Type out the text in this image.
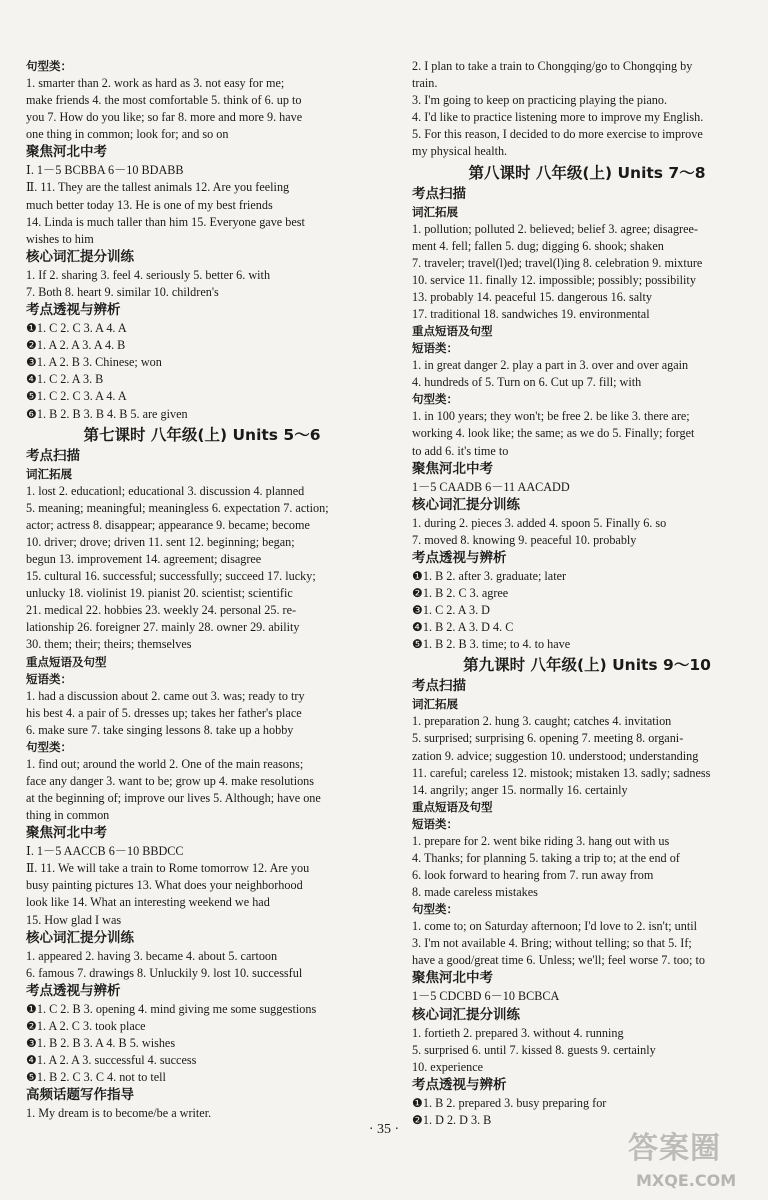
句型类：
1. smarter than 2. work as hard as 3. not easy for me;
make friends 4. the most comfortable 5. think of 6. up to
you 7. How do you like; so far 8. more and more 9. have
one thing in common; look for; and so on
聚焦河北中考
Ⅰ. 1－5 BCBBA 6－10 BDABB
Ⅱ. 11. They are the tallest animals 12. Are you feeling
much better today 13. He is one of my best friends
14. Linda is much taller than him 15. Everyone gave best
wishes to him
核心词汇提分训练
1. If 2. sharing 3. feel 4. seriously 5. better 6. with
7. Both 8. heart 9. similar 10. children's
考点透视与辨析
❶1. C 2. C 3. A 4. A
❷1. A 2. A 3. A 4. B
❸1. A 2. B 3. Chinese; won
❹1. C 2. A 3. B
❺1. C 2. C 3. A 4. A
❻1. B 2. B 3. B 4. B 5. are given
第七课时 八年级(上) Units 5～6
考点扫描
词汇拓展
1. lost 2. educationl; educational 3. discussion 4. planned
5. meaning; meaningful; meaningless 6. expectation 7. action;
actor; actress 8. disappear; appearance 9. became; become
10. driver; drove; driven 11. sent 12. beginning; began;
begun 13. improvement 14. agreement; disagree
15. cultural 16. successful; successfully; succeed 17. lucky;
unlucky 18. violinist 19. pianist 20. scientist; scientific
21. medical 22. hobbies 23. weekly 24. personal 25. re-
lationship 26. foreigner 27. mainly 28. owner 29. ability
30. them; their; theirs; themselves
重点短语及句型
短语类：
1. had a discussion about 2. came out 3. was; ready to try
his best 4. a pair of 5. dresses up; takes her father's place
6. make sure 7. take singing lessons 8. take up a hobby
句型类：
1. find out; around the world 2. One of the main reasons;
face any danger 3. want to be; grow up 4. make resolutions
at the beginning of; improve our lives 5. Although; have one
thing in common
聚焦河北中考
Ⅰ. 1－5 AACCB 6－10 BBDCC
Ⅱ. 11. We will take a train to Rome tomorrow 12. Are you
busy painting pictures 13. What does your neighborhood
look like 14. What an interesting weekend we had
15. How glad I was
核心词汇提分训练
1. appeared 2. having 3. became 4. about 5. cartoon
6. famous 7. drawings 8. Unluckily 9. lost 10. successful
考点透视与辨析
❶1. C 2. B 3. opening 4. mind giving me some suggestions
❷1. A 2. C 3. took place
❸1. B 2. B 3. A 4. B 5. wishes
❹1. A 2. A 3. successful 4. success
❺1. B 2. C 3. C 4. not to tell
高频话题写作指导
1. My dream is to become/be a writer.
2. I plan to take a train to Chongqing/go to Chongqing by
train.
3. I'm going to keep on practicing playing the piano.
4. I'd like to practice listening more to improve my English.
5. For this reason, I decided to do more exercise to improve
my physical health.
第八课时 八年级(上) Units 7～8
考点扫描
词汇拓展
1. pollution; polluted 2. believed; belief 3. agree; disagree-
ment 4. fell; fallen 5. dug; digging 6. shook; shaken
7. traveler; travel(l)ed; travel(l)ing 8. celebration 9. mixture
10. service 11. finally 12. impossible; possibly; possibility
13. probably 14. peaceful 15. dangerous 16. salty
17. traditional 18. sandwiches 19. environmental
重点短语及句型
短语类：
1. in great danger 2. play a part in 3. over and over again
4. hundreds of 5. Turn on 6. Cut up 7. fill; with
句型类：
1. in 100 years; they won't; be free 2. be like 3. there are;
working 4. look like; the same; as we do 5. Finally; forget
to add 6. it's time to
聚焦河北中考
1－5 CAADB 6－11 AACADD
核心词汇提分训练
1. during 2. pieces 3. added 4. spoon 5. Finally 6. so
7. moved 8. knowing 9. peaceful 10. probably
考点透视与辨析
❶1. B 2. after 3. graduate; later
❷1. B 2. C 3. agree
❸1. C 2. A 3. D
❹1. B 2. A 3. D 4. C
❺1. B 2. B 3. time; to 4. to have
第九课时 八年级(上) Units 9～10
考点扫描
词汇拓展
1. preparation 2. hung 3. caught; catches 4. invitation
5. surprised; surprising 6. opening 7. meeting 8. organi-
zation 9. advice; suggestion 10. understood; understanding
11. careful; careless 12. mistook; mistaken 13. sadly; sadness
14. angrily; anger 15. normally 16. certainly
重点短语及句型
短语类：
1. prepare for 2. went bike riding 3. hang out with us
4. Thanks; for planning 5. taking a trip to; at the end of
6. look forward to hearing from 7. run away from
8. made careless mistakes
句型类：
1. come to; on Saturday afternoon; I'd love to 2. isn't; until
3. I'm not available 4. Bring; without telling; so that 5. If;
have a good/great time 6. Unless; we'll; feel worse 7. too; to
聚焦河北中考
1－5 CDCBD 6－10 BCBCA
核心词汇提分训练
1. fortieth 2. prepared 3. without 4. running
5. surprised 6. until 7. kissed 8. guests 9. certainly
10. experience
考点透视与辨析
❶1. B 2. prepared 3. busy preparing for
❷1. D 2. D 3. B
· 35 ·
答案圈
MXQE.COM
